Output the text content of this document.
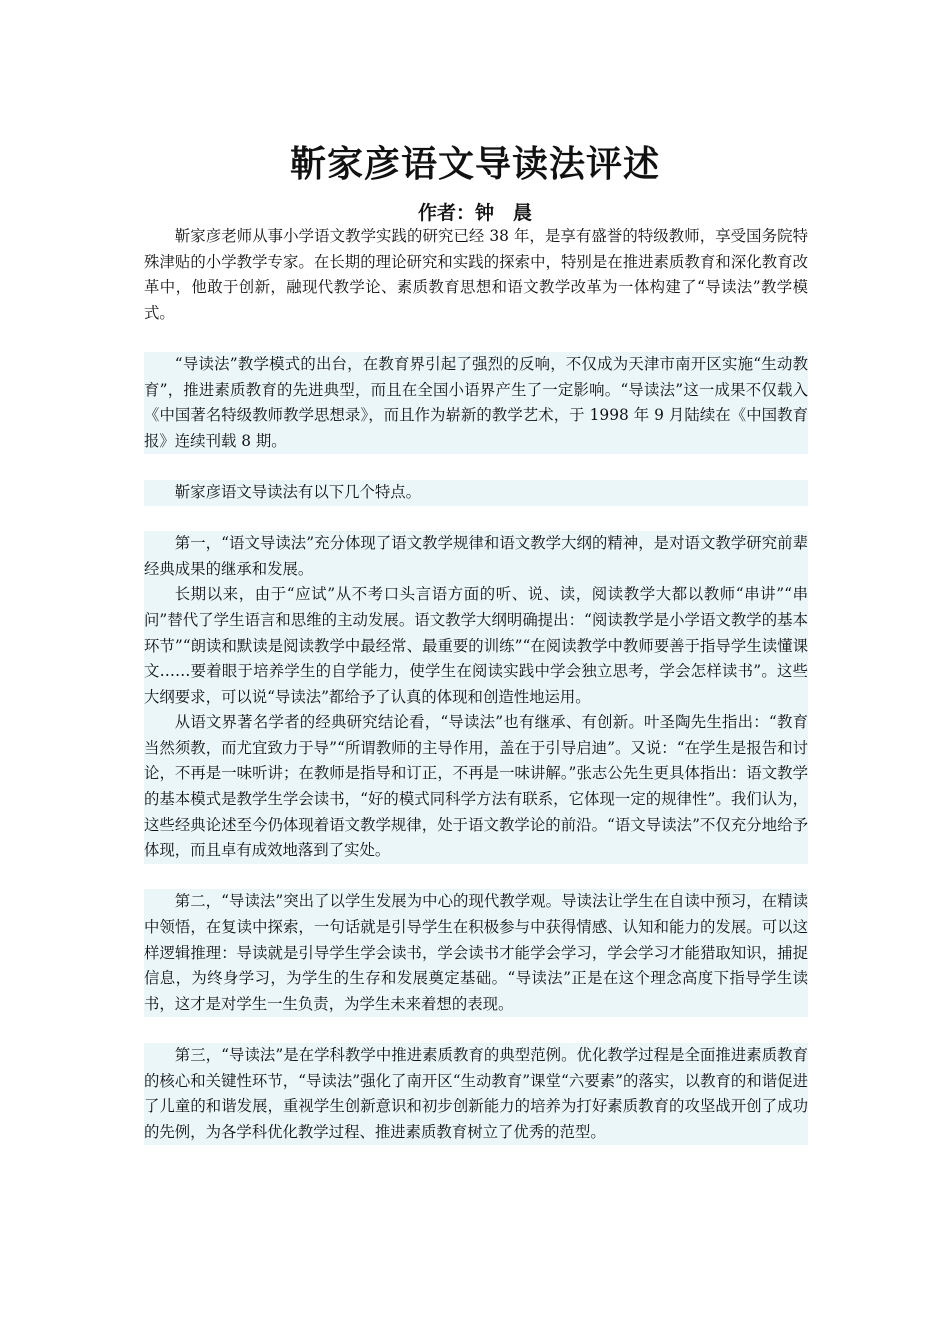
靳家彦语文导读法评述
作者：钟　晨

靳家彦老师从事小学语文教学实践的研究已经 38 年，是享有盛誉的特级教师，享受国务院特殊津贴的小学教学专家。在长期的理论研究和实践的探索中，特别是在推进素质教育和深化教育改革中，他敢于创新，融现代教学论、素质教育思想和语文教学改革为一体构建了“导读法”教学模式。

“导读法”教学模式的出台，在教育界引起了强烈的反响，不仅成为天津市南开区实施“生动教育”，推进素质教育的先进典型，而且在全国小语界产生了一定影响。“导读法”这一成果不仅载入《中国著名特级教师教学思想录》，而且作为崭新的教学艺术，于 1998 年 9 月陆续在《中国教育报》连续刊载 8 期。

靳家彦语文导读法有以下几个特点。

第一，“语文导读法”充分体现了语文教学规律和语文教学大纲的精神，是对语文教学研究前辈经典成果的继承和发展。

长期以来，由于“应试”从不考口头言语方面的听、说、读，阅读教学大都以教师“串讲”“串问”替代了学生语言和思维的主动发展。语文教学大纲明确提出：“阅读教学是小学语文教学的基本环节”“朗读和默读是阅读教学中最经常、最重要的训练”“在阅读教学中教师要善于指导学生读懂课文……要着眼于培养学生的自学能力，使学生在阅读实践中学会独立思考，学会怎样读书”。这些大纲要求，可以说“导读法”都给予了认真的体现和创造性地运用。

从语文界著名学者的经典研究结论看，“导读法”也有继承、有创新。叶圣陶先生指出：“教育当然须教，而尤宜致力于导”“所谓教师的主导作用，盖在于引导启迪”。又说：“在学生是报告和讨论，不再是一味听讲；在教师是指导和订正，不再是一味讲解。”张志公先生更具体指出：语文教学的基本模式是教学生学会读书，“好的模式同科学方法有联系，它体现一定的规律性”。我们认为，这些经典论述至今仍体现着语文教学规律，处于语文教学论的前沿。“语文导读法”不仅充分地给予体现，而且卓有成效地落到了实处。

第二，“导读法”突出了以学生发展为中心的现代教学观。导读法让学生在自读中预习，在精读中领悟，在复读中探索，一句话就是引导学生在积极参与中获得情感、认知和能力的发展。可以这样逻辑推理：导读就是引导学生学会读书，学会读书才能学会学习，学会学习才能猎取知识，捕捉信息，为终身学习，为学生的生存和发展奠定基础。“导读法”正是在这个理念高度下指导学生读书，这才是对学生一生负责，为学生未来着想的表现。

第三，“导读法”是在学科教学中推进素质教育的典型范例。优化教学过程是全面推进素质教育的核心和关键性环节，“导读法”强化了南开区“生动教育”课堂“六要素”的落实，以教育的和谐促进了儿童的和谐发展，重视学生创新意识和初步创新能力的培养为打好素质教育的攻坚战开创了成功的先例，为各学科优化教学过程、推进素质教育树立了优秀的范型。
